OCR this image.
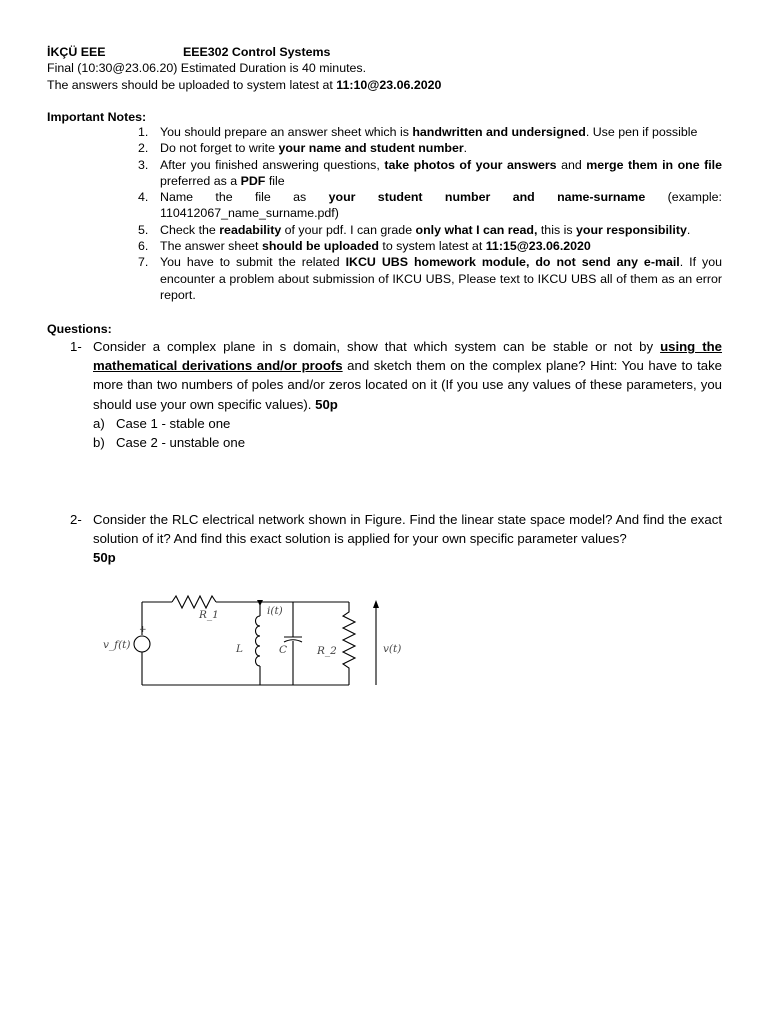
İKÇÜ EEE	EEE302 Control Systems
Final (10:30@23.06.20) Estimated Duration is 40 minutes.
The answers should be uploaded to system latest at 11:10@23.06.2020
Important Notes:
1. You should prepare an answer sheet which is handwritten and undersigned. Use pen if possible
2. Do not forget to write your name and student number.
3. After you finished answering questions, take photos of your answers and merge them in one file preferred as a PDF file
4. Name the file as your student number and name-surname (example: 110412067_name_surname.pdf)
5. Check the readability of your pdf. I can grade only what I can read, this is your responsibility.
6. The answer sheet should be uploaded to system latest at 11:15@23.06.2020
7. You have to submit the related IKCU UBS homework module, do not send any e-mail. If you encounter a problem about submission of IKCU UBS, Please text to IKCU UBS all of them as an error report.
Questions:
1- Consider a complex plane in s domain, show that which system can be stable or not by using the mathematical derivations and/or proofs and sketch them on the complex plane? Hint: You have to take more than two numbers of poles and/or zeros located on it (If you use any values of these parameters, you should use your own specific values). 50p
a) Case 1 - stable one
b) Case 2 - unstable one
2- Consider the RLC electrical network shown in Figure. Find the linear state space model? And find the exact solution of it? And find this exact solution is applied for your own specific parameter values?
50p
+
v_f(t)
R_1	i(t)
L	C	R_2	v(t)
